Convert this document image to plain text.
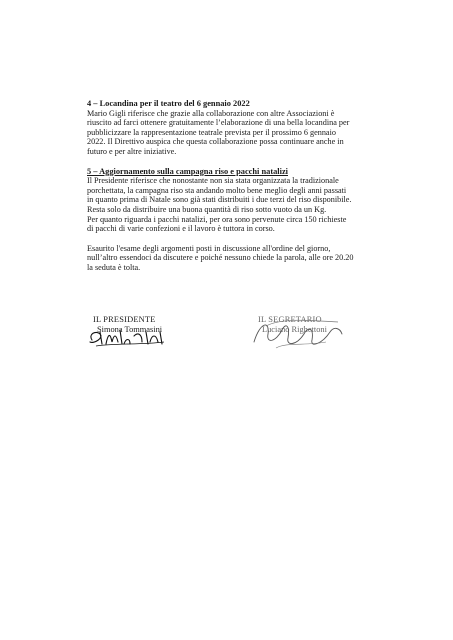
4 – Locandina per il teatro del 6 gennaio 2022

Mario Gigli riferisce che grazie alla collaborazione con altre Associazioni è
riuscito ad farci ottenere gratuitamente l’elaborazione di una bella locandina per
pubblicizzare la rappresentazione teatrale prevista per il prossimo 6 gennaio
2022. Il Direttivo auspica che questa collaborazione possa continuare anche in
futuro e per altre iniziative.

5 – Aggiornamento sulla campagna riso e pacchi natalizi

Il Presidente riferisce che nonostante non sia stata organizzata la tradizionale
porchettata, la campagna riso sta andando molto bene meglio degli anni passati
in quanto prima di Natale sono già stati distribuiti i due terzi del riso disponibile.
Resta solo da distribuire una buona quantità di riso sotto vuoto da un Kg.
Per quanto riguarda i pacchi natalizi, per ora sono pervenute circa 150 richieste
di pacchi di varie confezioni e il lavoro è tuttora in corso.
Esaurito l'esame degli argomenti posti in discussione all'ordine del giorno,
null’altro essendoci da discutere e poiché nessuno chiede la parola, alle ore 20.20
la seduta è tolta.
IL PRESIDENTE
Simona Tommasini
IL SEGRETARIO
Luciano Righettoni
